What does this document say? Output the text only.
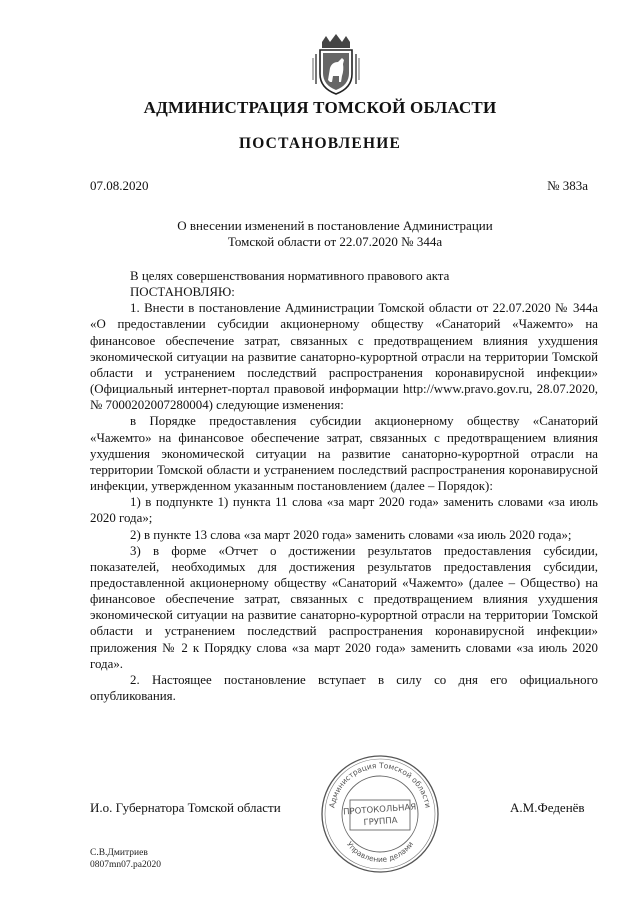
АДМИНИСТРАЦИЯ ТОМСКОЙ ОБЛАСТИ
ПОСТАНОВЛЕНИЕ
07.08.2020	№ 383а
О внесении изменений в постановление Администрации
Томской области от 22.07.2020 № 344а

В целях совершенствования нормативного правового акта

ПОСТАНОВЛЯЮ:

1. Внести в постановление Администрации Томской области от 22.07.2020 № 344а «О предоставлении субсидии акционерному обществу «Санаторий «Чажемто» на финансовое обеспечение затрат, связанных с предотвращением влияния ухудшения экономической ситуации на развитие санаторно-курортной отрасли на территории Томской области и устранением последствий распространения коронавирусной инфекции» (Официальный интернет-портал правовой информации http://www.pravo.gov.ru, 28.07.2020, № 7000202007280004) следующие изменения:

в Порядке предоставления субсидии акционерному обществу «Санаторий «Чажемто» на финансовое обеспечение затрат, связанных с предотвращением влияния ухудшения экономической ситуации на развитие санаторно-курортной отрасли на территории Томской области и устранением последствий распространения коронавирусной инфекции, утвержденном указанным постановлением (далее – Порядок):

1) в подпункте 1) пункта 11 слова «за март 2020 года» заменить словами «за июль 2020 года»;

2) в пункте 13 слова «за март 2020 года» заменить словами «за июль 2020 года»;

3) в форме «Отчет о достижении результатов предоставления субсидии, показателей, необходимых для достижения результатов предоставления субсидии, предоставленной акционерному обществу «Санаторий «Чажемто» (далее – Общество) на финансовое обеспечение затрат, связанных с предотвращением влияния ухудшения экономической ситуации на развитие санаторно-курортной отрасли на территории Томской области и устранением последствий распространения коронавирусной инфекции» приложения № 2 к Порядку слова «за март 2020 года» заменить словами «за июль 2020 года».

2. Настоящее постановление вступает в силу со дня его официального опубликования.

И.о. Губернатора Томской области	А.М.Феденёв
Администрация Томской области
Управление делами
ПРОТОКОЛЬНАЯ
ГРУППА
С.В.Дмитриев
0807mn07.pa2020
